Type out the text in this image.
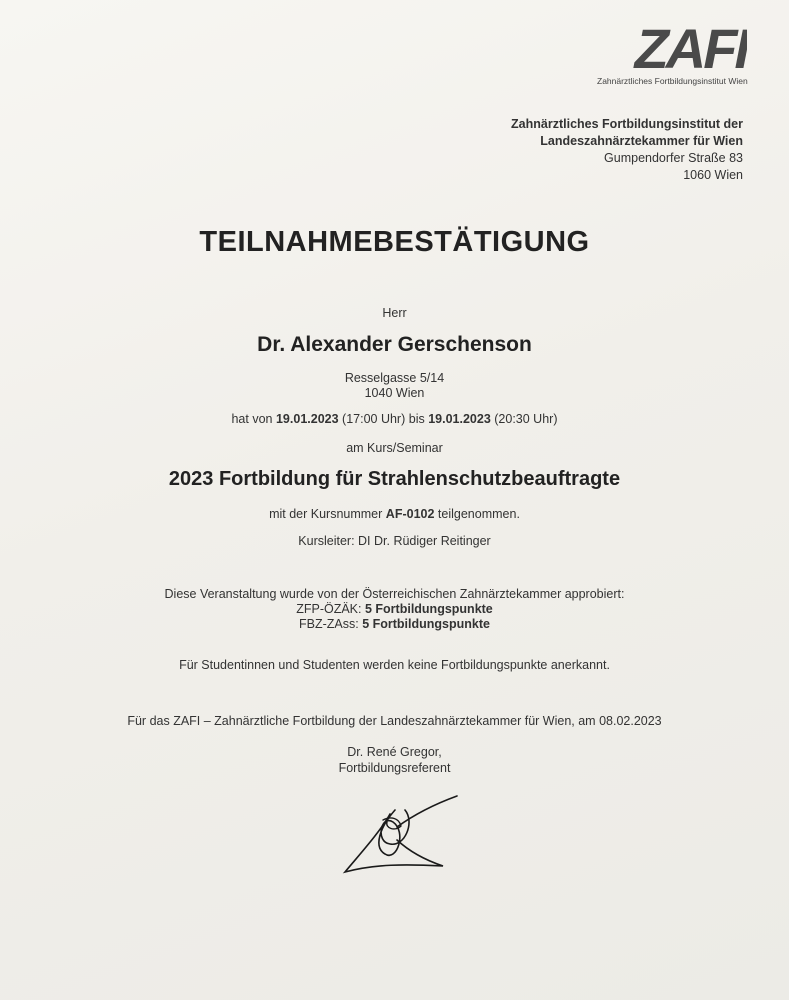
ZAFI
Zahnärztliches Fortbildungsinstitut Wien
Zahnärztliches Fortbildungsinstitut der
Landeszahnärztekammer für Wien
Gumpendorfer Straße 83
1060 Wien
TEILNAHMEBESTÄTIGUNG
Herr
Dr. Alexander Gerschenson
Resselgasse 5/14
1040 Wien
hat von 19.01.2023 (17:00 Uhr) bis 19.01.2023 (20:30 Uhr)
am Kurs/Seminar
2023 Fortbildung für Strahlenschutzbeauftragte
mit der Kursnummer AF-0102 teilgenommen.
Kursleiter: DI Dr. Rüdiger Reitinger
Diese Veranstaltung wurde von der Österreichischen Zahnärztekammer approbiert:
ZFP-ÖZÄK: 5 Fortbildungspunkte
FBZ-ZAss: 5 Fortbildungspunkte
Für Studentinnen und Studenten werden keine Fortbildungspunkte anerkannt.
Für das ZAFI – Zahnärztliche Fortbildung der Landeszahnärztekammer für Wien, am 08.02.2023
Dr. René Gregor,
Fortbildungsreferent
